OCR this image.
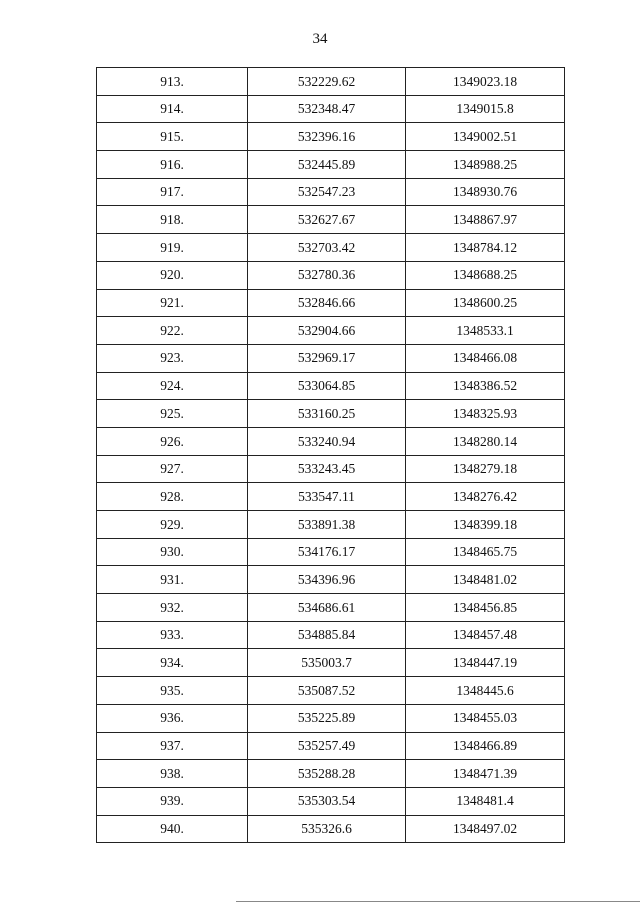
34
913.	532229.62	1349023.18
914.	532348.47	1349015.8
915.	532396.16	1349002.51
916.	532445.89	1348988.25
917.	532547.23	1348930.76
918.	532627.67	1348867.97
919.	532703.42	1348784.12
920.	532780.36	1348688.25
921.	532846.66	1348600.25
922.	532904.66	1348533.1
923.	532969.17	1348466.08
924.	533064.85	1348386.52
925.	533160.25	1348325.93
926.	533240.94	1348280.14
927.	533243.45	1348279.18
928.	533547.11	1348276.42
929.	533891.38	1348399.18
930.	534176.17	1348465.75
931.	534396.96	1348481.02
932.	534686.61	1348456.85
933.	534885.84	1348457.48
934.	535003.7	1348447.19
935.	535087.52	1348445.6
936.	535225.89	1348455.03
937.	535257.49	1348466.89
938.	535288.28	1348471.39
939.	535303.54	1348481.4
940.	535326.6	1348497.02
